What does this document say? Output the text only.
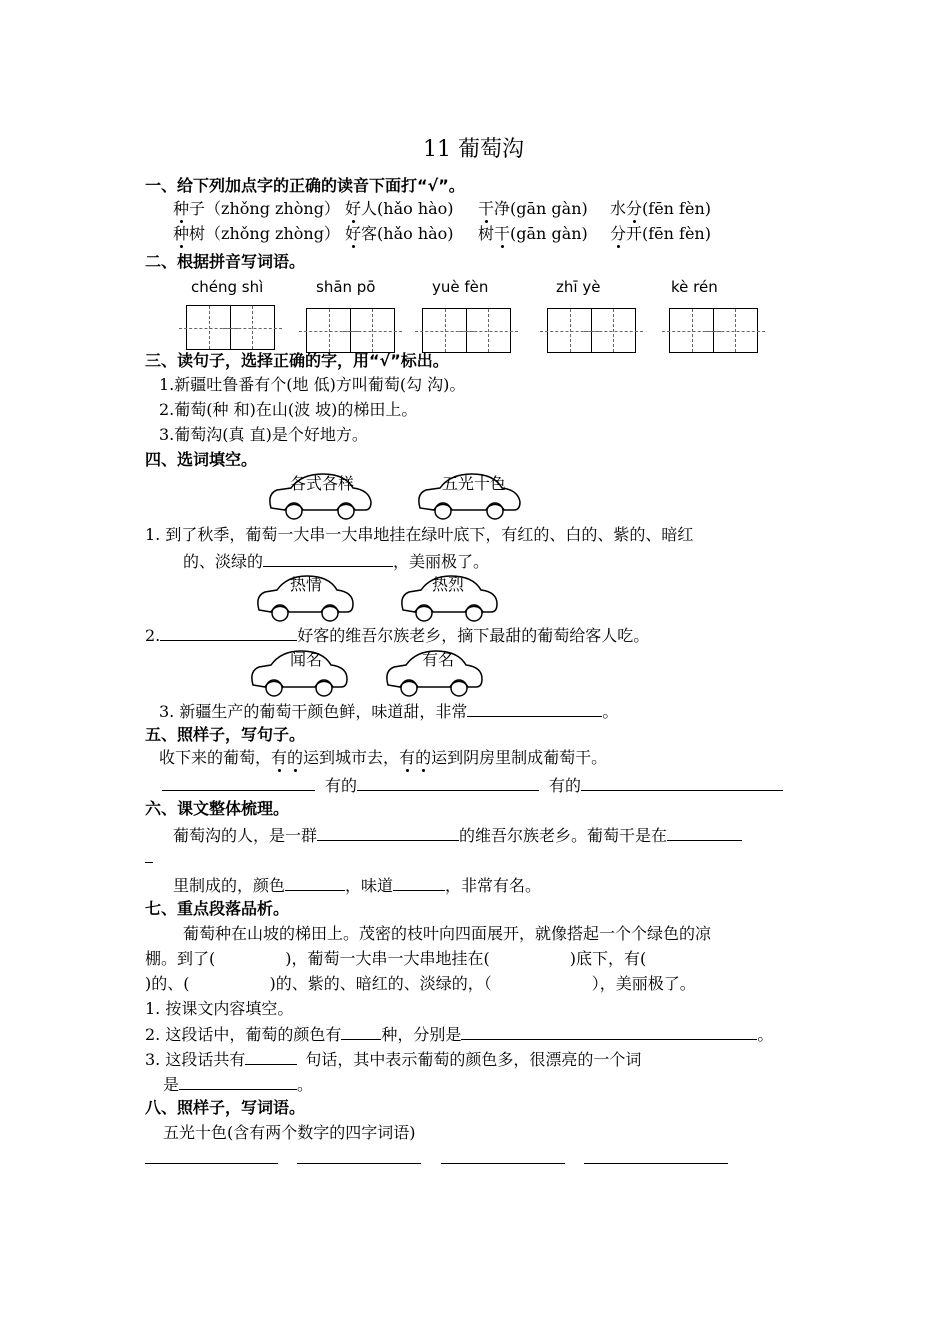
11 葡萄沟
一、给下列加点字的正确的读音下面打“√”。
种子（zhǒng zhòng） 好人(hǎo hào) 干净(gān gàn) 水分(fēn fèn)
种树（zhǒng zhòng） 好客(hǎo hào) 树干(gān gàn) 分开(fēn fèn)
二、根据拼音写词语。
chéng shì	shān pō	yuè fèn	zhī yè	kè rén
三、读句子，选择正确的字，用“√”标出。
1.新疆吐鲁番有个(地 低)方叫葡萄(勾 沟)。
2.葡萄(种 和)在山(波 坡)的梯田上。
3.葡萄沟(真 直)是个好地方。
四、选词填空。
各式各样	五光十色
1. 到了秋季，葡萄一大串一大串地挂在绿叶底下，有红的、白的、紫的、暗红
的、淡绿的	，美丽极了。
热情	热烈
2.	好客的维吾尔族老乡，摘下最甜的葡萄给客人吃。
闻名	有名
3. 新疆生产的葡萄干颜色鲜，味道甜，非常	。
五、照样子，写句子。
收下来的葡萄，有的运到城市去，有的运到阴房里制成葡萄干。
有的	有的
六、课文整体梳理。
葡萄沟的人，是一群	的维吾尔族老乡。葡萄干是在
里制成的，颜色	，味道	，非常有名。
七、重点段落品析。
葡萄种在山坡的梯田上。茂密的枝叶向四面展开，就像搭起一个个绿色的凉
棚。到了(	)，葡萄一大串一大串地挂在(	)底下，有(
)的、(	)的、紫的、暗红的、淡绿的，（	），美丽极了。
1. 按课文内容填空。
2. 这段话中，葡萄的颜色有	种，分别是	。
3. 这段话共有	句话，其中表示葡萄的颜色多，很漂亮的一个词
是	。
八、照样子，写词语。
五光十色(含有两个数字的四字词语)
